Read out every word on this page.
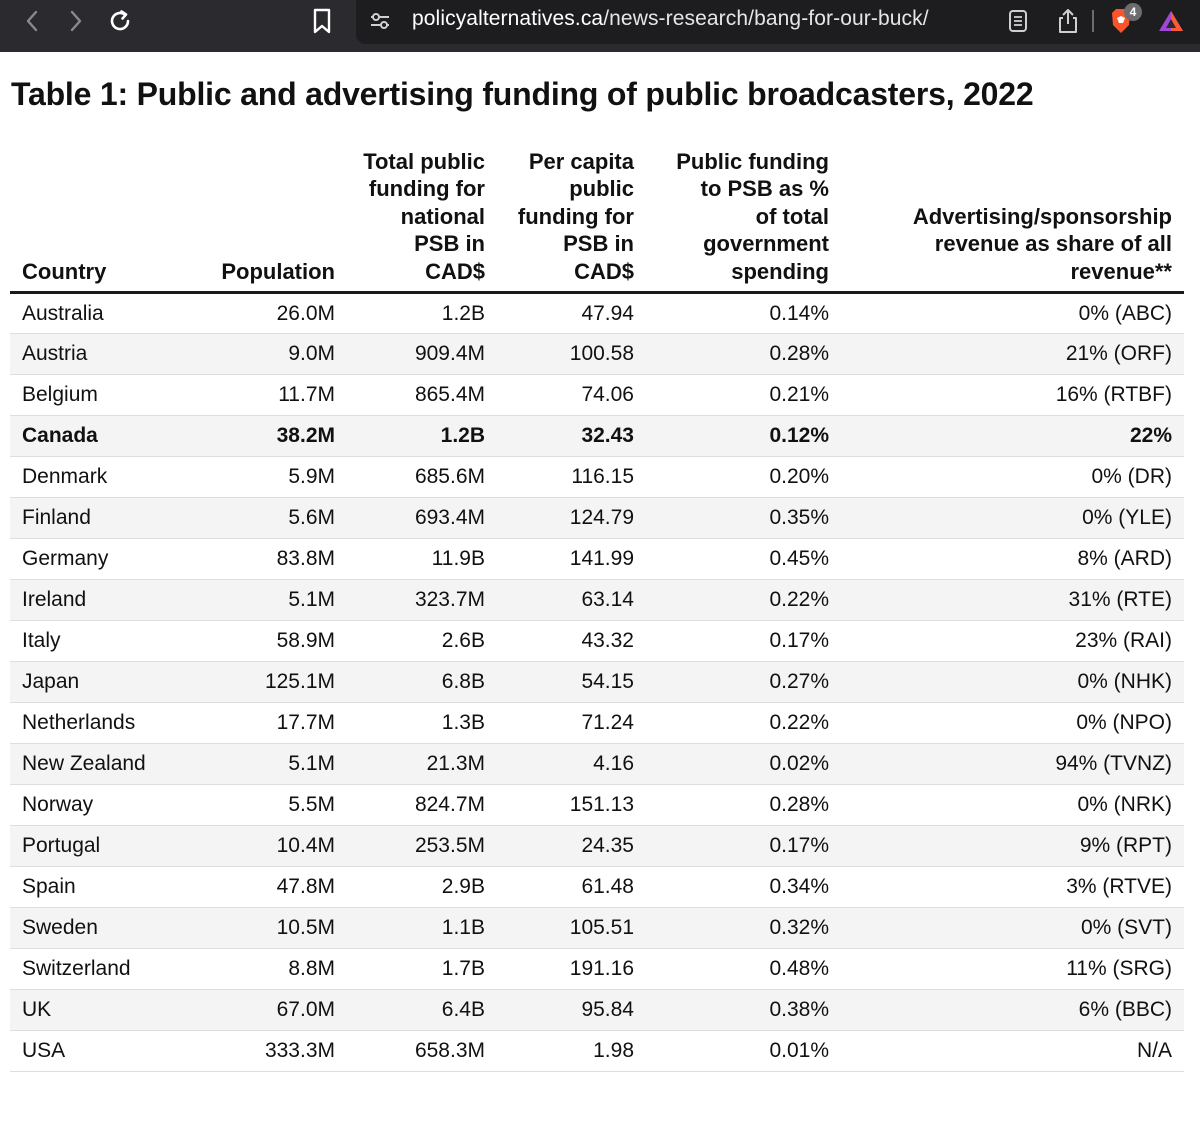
policyalternatives.ca/news-research/bang-for-our-buck/	4
Table 1: Public and advertising funding of public broadcasters, 2022
Country	Population	Total public funding for national PSB in CAD$	Per capita public funding for PSB in CAD$	Public funding to PSB as % of total government spending	Advertising/sponsorship revenue as share of all revenue**
Australia	26.0M	1.2B	47.94	0.14%	0% (ABC)
Austria	9.0M	909.4M	100.58	0.28%	21% (ORF)
Belgium	11.7M	865.4M	74.06	0.21%	16% (RTBF)
Canada	38.2M	1.2B	32.43	0.12%	22%
Denmark	5.9M	685.6M	116.15	0.20%	0% (DR)
Finland	5.6M	693.4M	124.79	0.35%	0% (YLE)
Germany	83.8M	11.9B	141.99	0.45%	8% (ARD)
Ireland	5.1M	323.7M	63.14	0.22%	31% (RTE)
Italy	58.9M	2.6B	43.32	0.17%	23% (RAI)
Japan	125.1M	6.8B	54.15	0.27%	0% (NHK)
Netherlands	17.7M	1.3B	71.24	0.22%	0% (NPO)
New Zealand	5.1M	21.3M	4.16	0.02%	94% (TVNZ)
Norway	5.5M	824.7M	151.13	0.28%	0% (NRK)
Portugal	10.4M	253.5M	24.35	0.17%	9% (RPT)
Spain	47.8M	2.9B	61.48	0.34%	3% (RTVE)
Sweden	10.5M	1.1B	105.51	0.32%	0% (SVT)
Switzerland	8.8M	1.7B	191.16	0.48%	11% (SRG)
UK	67.0M	6.4B	95.84	0.38%	6% (BBC)
USA	333.3M	658.3M	1.98	0.01%	N/A
